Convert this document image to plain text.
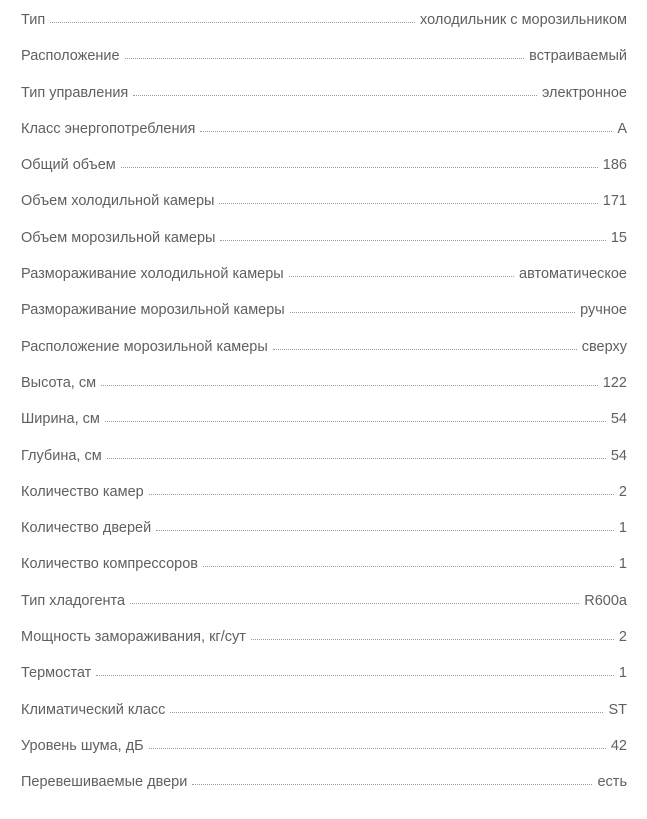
Тип	холодильник с морозильником
Расположение	встраиваемый
Тип управления	электронное
Класс энергопотребления	A
Общий объем	186
Объем холодильной камеры	171
Объем морозильной камеры	15
Размораживание холодильной камеры	автоматическое
Размораживание морозильной камеры	ручное
Расположение морозильной камеры	сверху
Высота, см	122
Ширина, см	54
Глубина, см	54
Количество камер	2
Количество дверей	1
Количество компрессоров	1
Тип хладогента	R600a
Мощность замораживания, кг/сут	2
Термостат	1
Климатический класс	ST
Уровень шума, дБ	42
Перевешиваемые двери	есть
